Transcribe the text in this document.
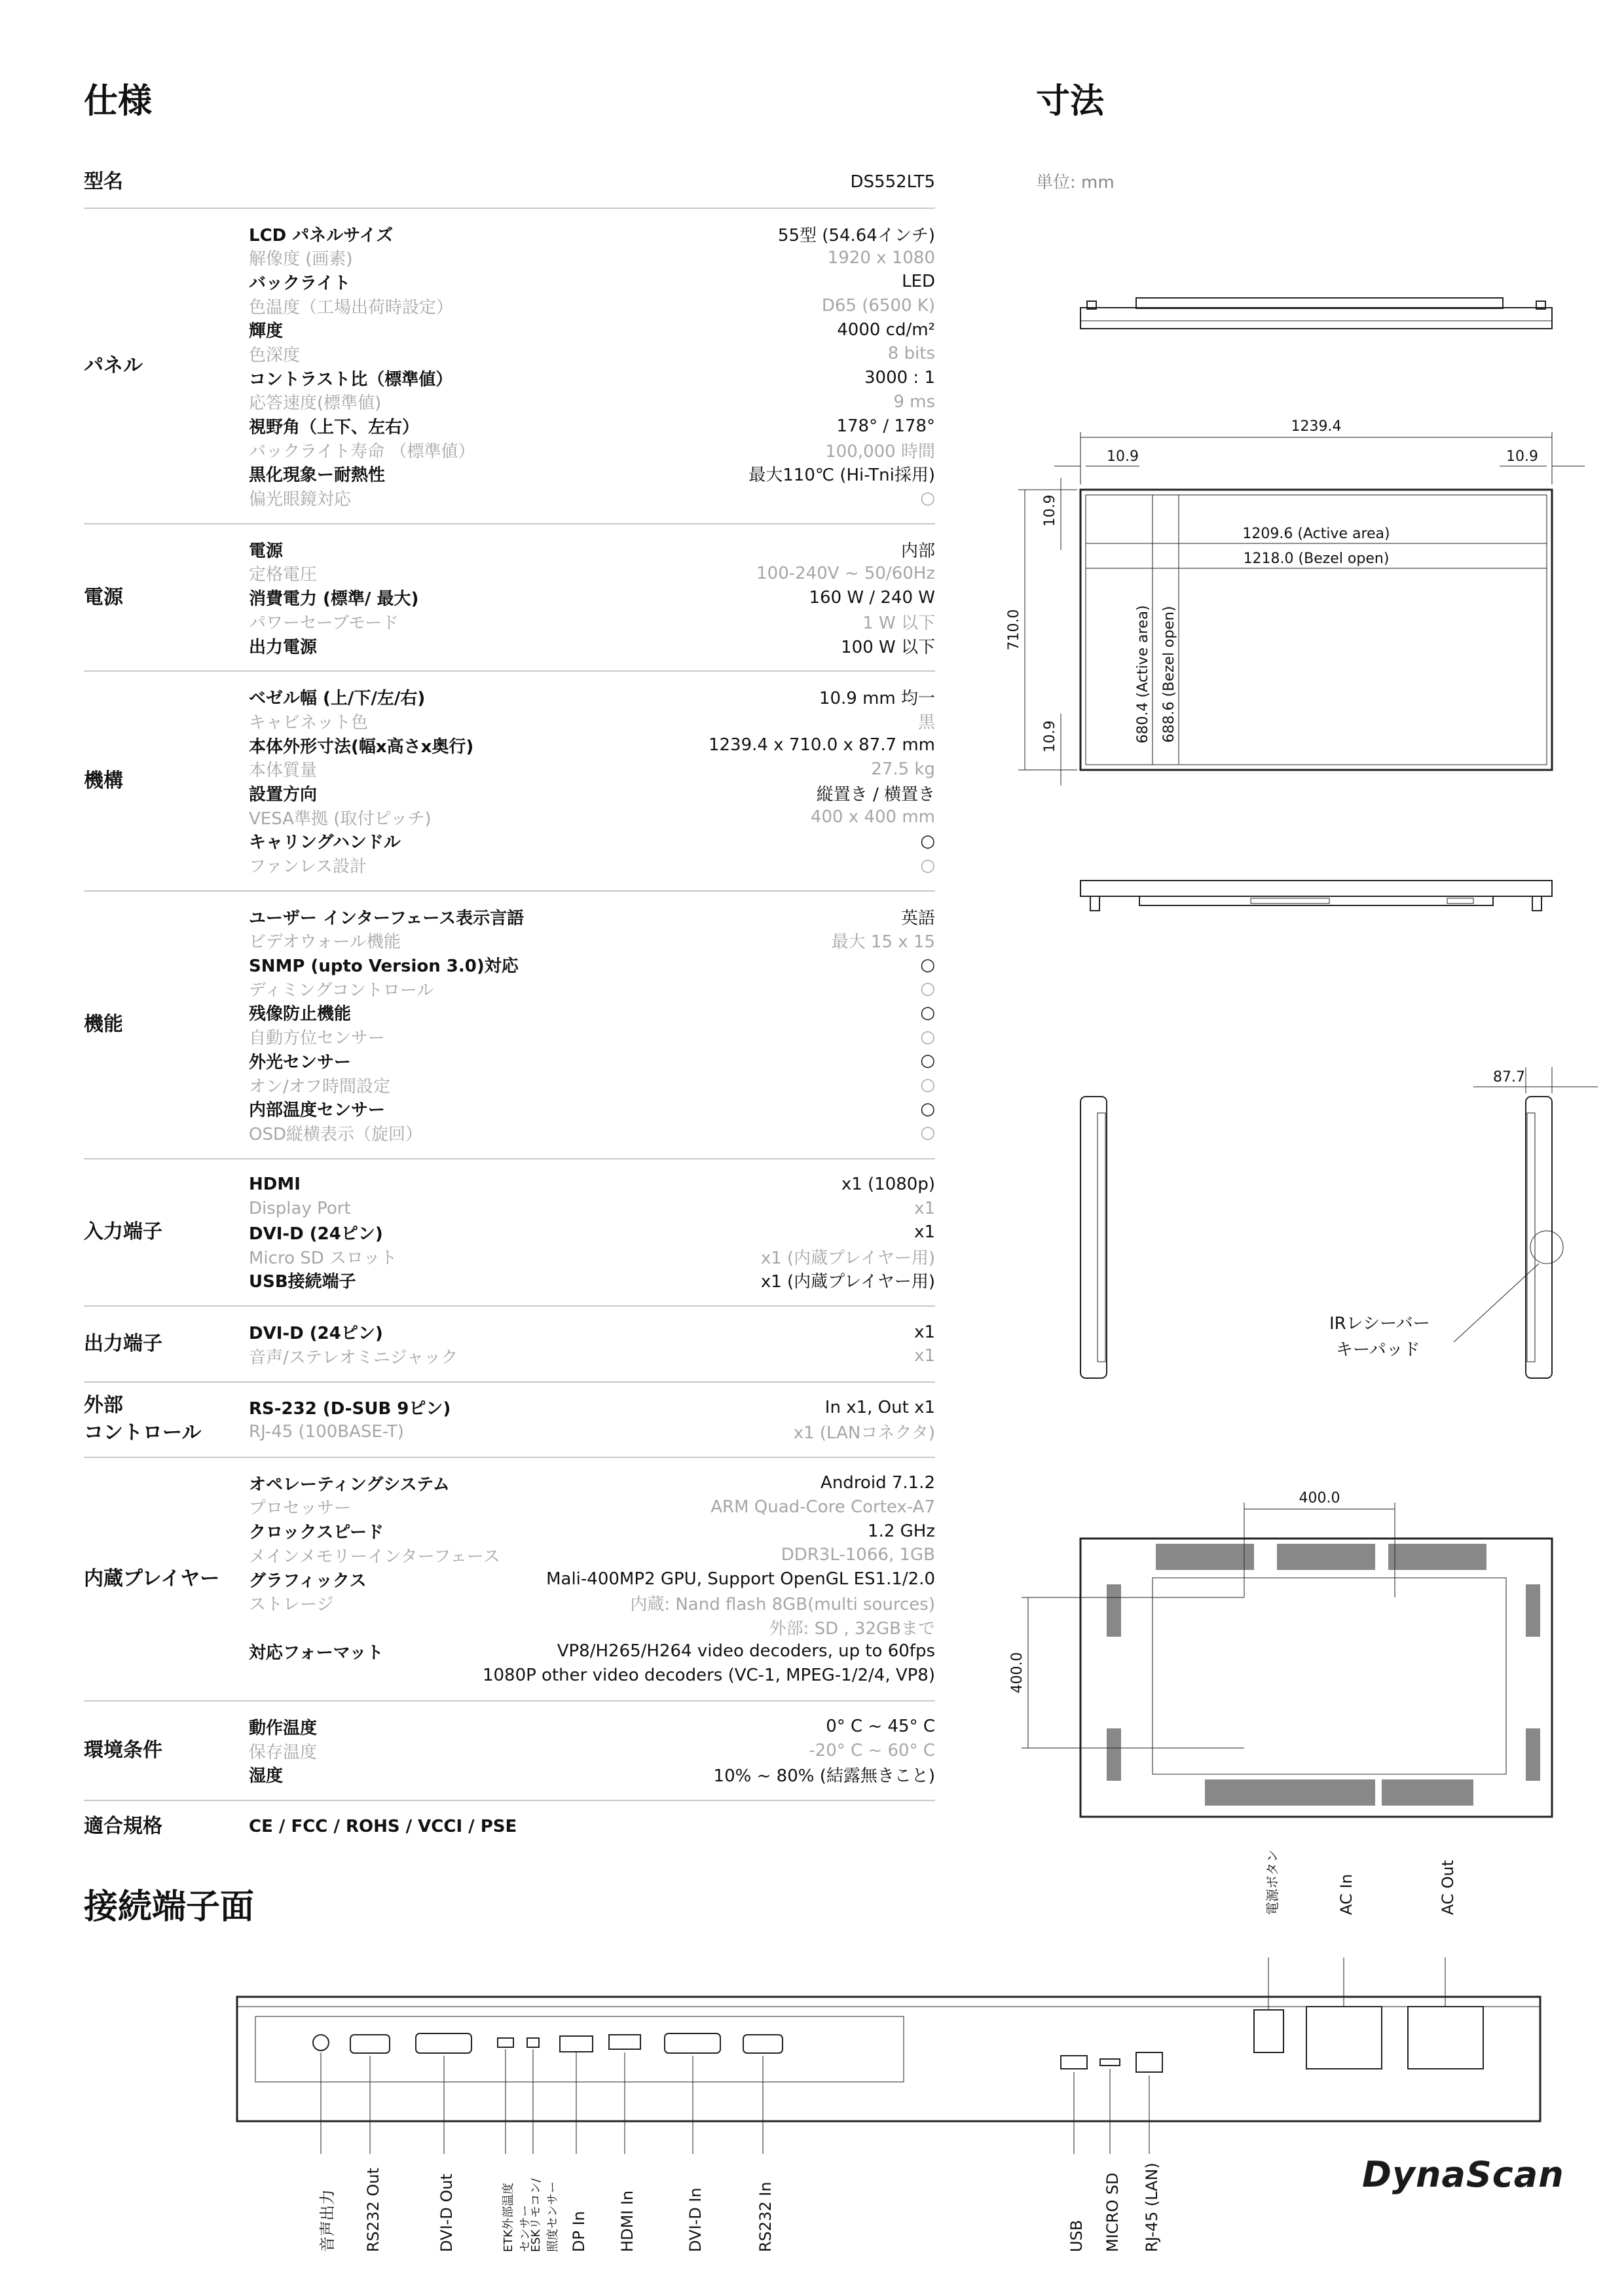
仕様	寸法
接続端子面
単位: mm
型名	DS552LT5
パネル
LCD パネルサイズ	55型 (54.64インチ)
解像度 (画素)	1920 x 1080
バックライト	LED
色温度（工場出荷時設定）	D65 (6500 K)
輝度	4000 cd/m²
色深度	8 bits
コントラスト比（標準値）	3000 : 1
応答速度(標準値)	9 ms
視野角（上下、左右）	178° / 178°
バックライト寿命 （標準値）	100,000 時間
黒化現象ー耐熱性	最大110℃ (Hi-Tni採用)
偏光眼鏡対応	○
電源
電源	内部
定格電圧	100-240V ~ 50/60Hz
消費電力 (標準/ 最大)	160 W / 240 W
パワーセーブモード	1 W 以下
出力電源	100 W 以下
機構
ベゼル幅 (上/下/左/右)	10.9 mm 均一
キャビネット色	黒
本体外形寸法(幅x高さx奥行)	1239.4 x 710.0 x 87.7 mm
本体質量	27.5 kg
設置方向	縦置き / 横置き
VESA準拠 (取付ピッチ)	400 x 400 mm
キャリングハンドル	○
ファンレス設計	○
機能
ユーザー インターフェース表示言語	英語
ビデオウォール機能	最大 15 x 15
SNMP (upto Version 3.0)対応	○
ディミングコントロール	○
残像防止機能	○
自動方位センサー	○
外光センサー	○
オン/オフ時間設定	○
内部温度センサー	○
OSD縦横表示（旋回）	○
入力端子
HDMI	x1 (1080p)
Display Port	x1
DVI-D (24ピン)	x1
Micro SD スロット	x1 (内蔵プレイヤー用)
USB接続端子	x1 (内蔵プレイヤー用)
出力端子	DVI-D (24ピン)	x1
音声/ステレオミニジャック	x1
外部
コントロール
RS-232 (D-SUB 9ピン)	In x1, Out x1
RJ-45 (100BASE-T)	x1 (LANコネクタ)
内蔵プレイヤー
オペレーティングシステム	Android 7.1.2
プロセッサー	ARM Quad-Core Cortex-A7
クロックスピード	1.2 GHz
メインメモリーインターフェース	DDR3L-1066, 1GB
グラフィックス	Mali-400MP2 GPU, Support OpenGL ES1.1/2.0
ストレージ	内蔵: Nand flash 8GB(multi sources)
外部: SD , 32GBまで
対応フォーマット	VP8/H265/H264 video decoders, up to 60fps
1080P other video decoders (VC-1, MPEG-1/2/4, VP8)
環境条件
動作温度	0° C ~ 45° C
保存温度	-20° C ~ 60° C
湿度	10% ~ 80% (結露無きこと)
適合規格	CE / FCC / ROHS / VCCI / PSE
1239.4
10.9	10.9
1209.6 (Active area)
1218.0 (Bezel open)
710.0
10.9
10.9	680.4 (Active area) 688.6 (Bezel open)
87.7
IRレシーバー
キーパッド
400.0
400.0
音声出力 RS232 Out	DVI-D Out	ETK外部温度
センサー
ESKリモコン/
照度センサー DP In HDMI In	DVI-D In	RS232 In	USB MICRO SD RJ-45 (LAN)
電源ボタン	AC In	AC Out
DynaScan
